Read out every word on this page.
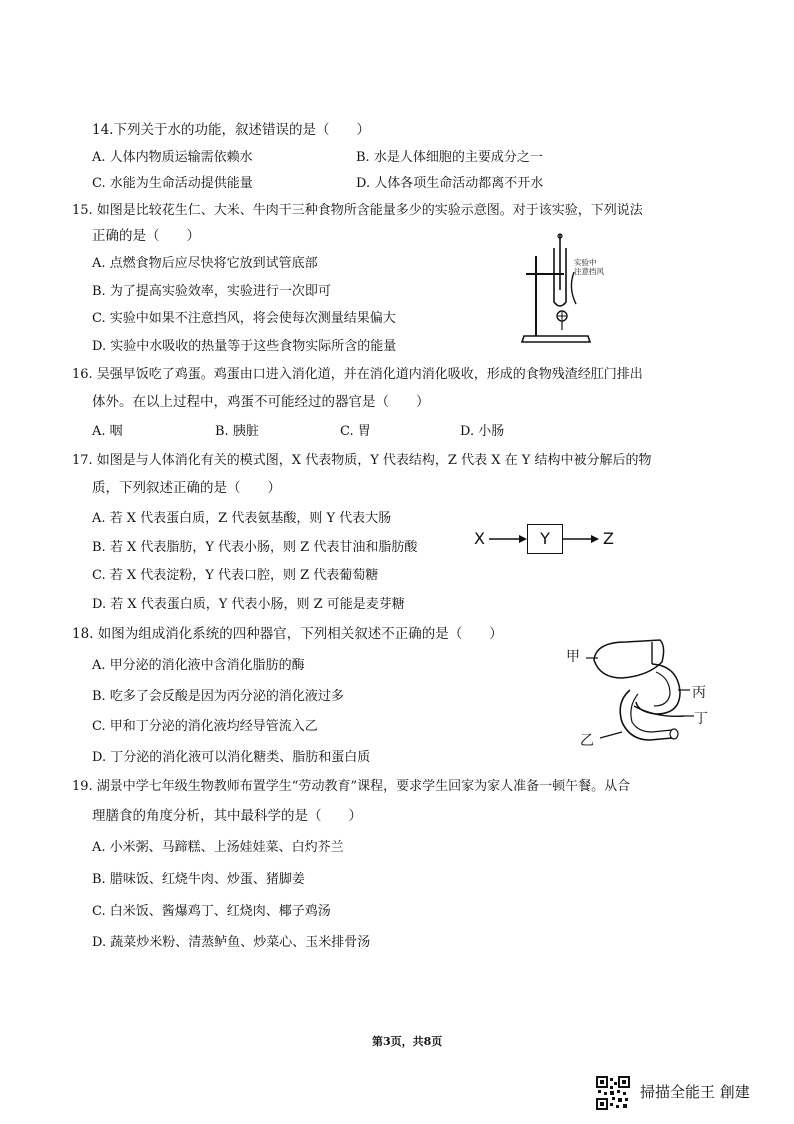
14.下列关于水的功能，叙述错误的是（　　）
A. 人体内物质运输需依赖水	B. 水是人体细胞的主要成分之一
C. 水能为生命活动提供能量	D. 人体各项生命活动都离不开水
15. 如图是比较花生仁、大米、牛肉干三种食物所含能量多少的实验示意图。对于该实验，下列说法
正确的是（　　）
A. 点燃食物后应尽快将它放到试管底部
B. 为了提高实验效率，实验进行一次即可
C. 实验中如果不注意挡风，将会使每次测量结果偏大
D. 实验中水吸收的热量等于这些食物实际所含的能量
实验中
注意挡风
16. 吴强早饭吃了鸡蛋。鸡蛋由口进入消化道，并在消化道内消化吸收，形成的食物残渣经肛门排出
体外。在以上过程中，鸡蛋不可能经过的器官是（　　）
A. 咽	B. 胰脏	C. 胃	D. 小肠
17. 如图是与人体消化有关的模式图，X 代表物质，Y 代表结构，Z 代表 X 在 Y 结构中被分解后的物
质，下列叙述正确的是（　　）
A. 若 X 代表蛋白质，Z 代表氨基酸，则 Y 代表大肠
B. 若 X 代表脂肪，Y 代表小肠，则 Z 代表甘油和脂肪酸
C. 若 X 代表淀粉，Y 代表口腔，则 Z 代表葡萄糖
D. 若 X 代表蛋白质，Y 代表小肠，则 Z 可能是麦芽糖
X	Y	Z
18. 如图为组成消化系统的四种器官，下列相关叙述不正确的是（　　）
A. 甲分泌的消化液中含消化脂肪的酶
B. 吃多了会反酸是因为丙分泌的消化液过多
C. 甲和丁分泌的消化液均经导管流入乙
D. 丁分泌的消化液可以消化糖类、脂肪和蛋白质
甲
丙
丁
乙
19. 湖景中学七年级生物教师布置学生“劳动教育”课程，要求学生回家为家人准备一顿午餐。从合
理膳食的角度分析，其中最科学的是（　　）
A. 小米粥、马蹄糕、上汤娃娃菜、白灼芥兰
B. 腊味饭、红烧牛肉、炒蛋、猪脚姜
C. 白米饭、酱爆鸡丁、红烧肉、椰子鸡汤
D. 蔬菜炒米粉、清蒸鲈鱼、炒菜心、玉米排骨汤
第3页，共8页
掃描全能王 創建
